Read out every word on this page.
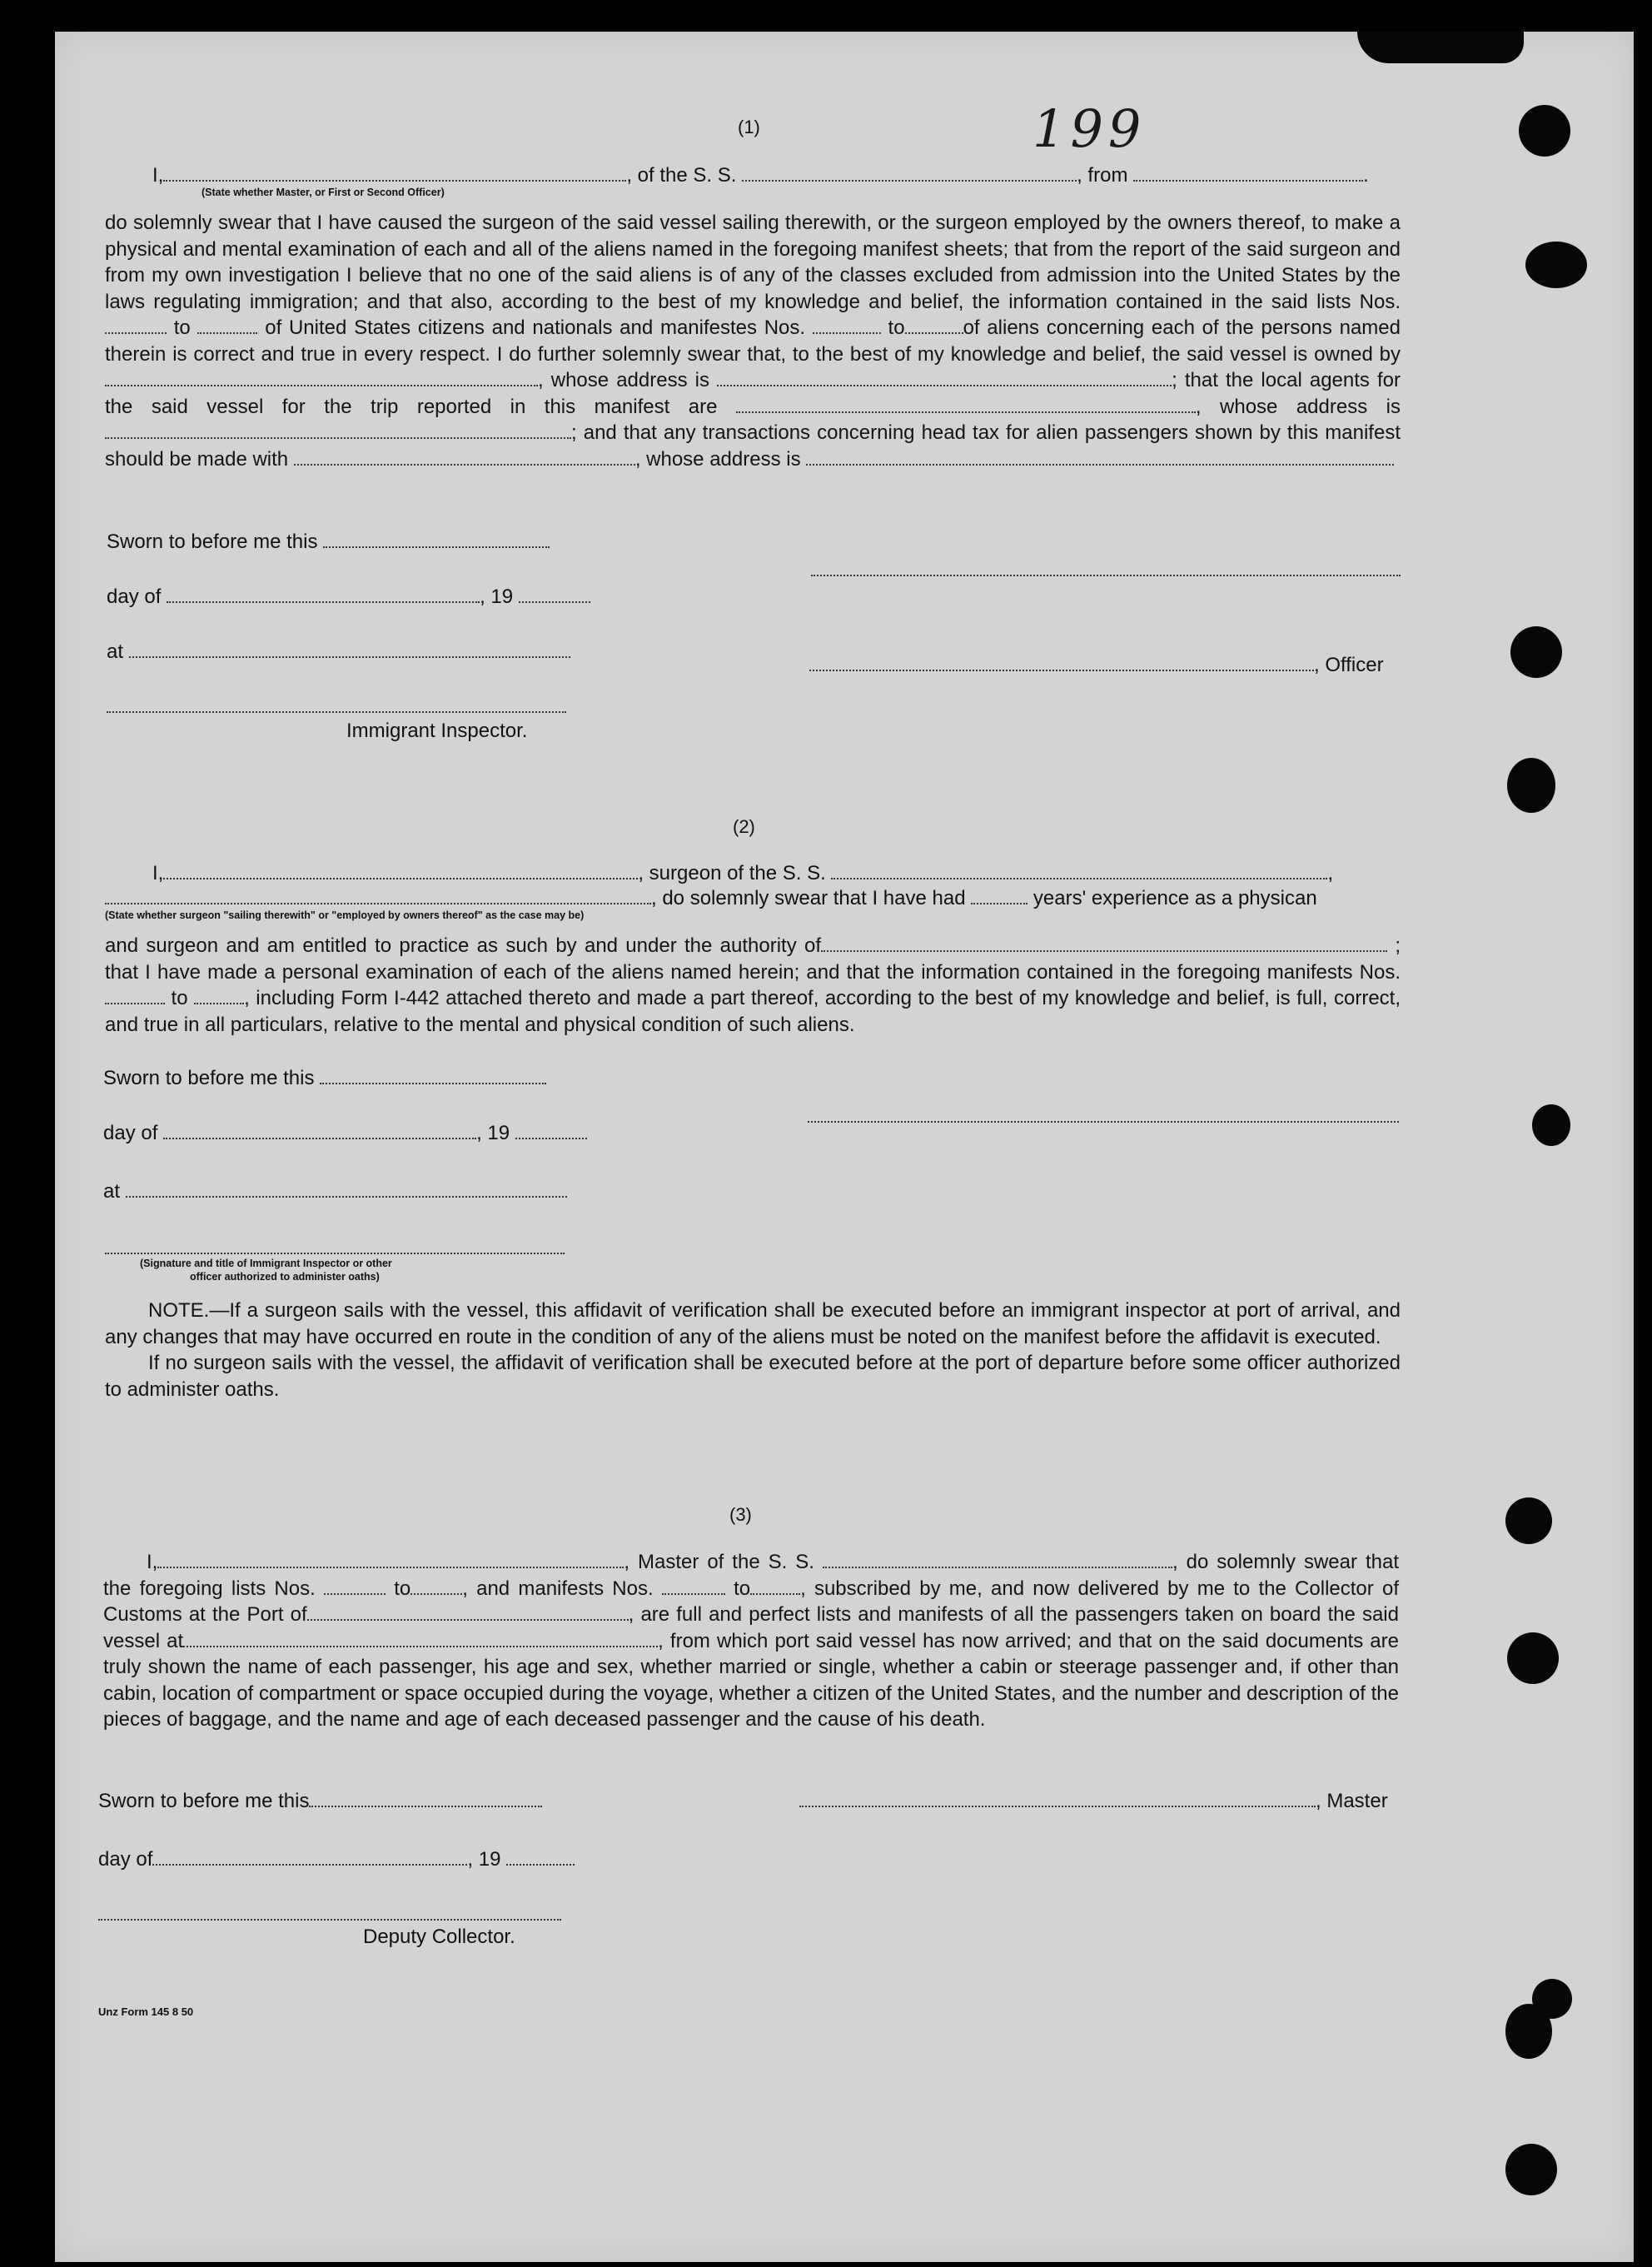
199
(1)
I,	, of the S. S.	, from	.
(State whether Master, or First or Second Officer)

do solemnly swear that I have caused the surgeon of the said vessel sailing therewith, or the surgeon employed by the owners thereof, to make a physical and mental examination of each and all of the aliens named in the foregoing manifest sheets; that from the report of the said surgeon and from my own investigation I believe that no one of the said aliens is of any of the classes excluded from admission into the United States by the laws regulating immigration; and that also, according to the best of my knowledge and belief, the information contained in the said lists Nos.  to	of United States citizens and nationals and manifestes Nos.	to	of aliens concerning each of the persons named therein is correct and true in every respect. I do further solemnly swear that, to the best of my knowledge and belief, the said vessel is owned by , whose address is	; that the local agents for the said vessel for the trip reported in this manifest are	, whose address is ; and that any transactions concerning head tax for alien passengers shown by this manifest should be made with	, whose address is

Sworn to before me this
day of	, 19
at
, Officer
Immigrant Inspector.
(2)
I,	, surgeon of the S. S.	,
, do solemnly swear that I have had	years' experience as a physican
(State whether surgeon "sailing therewith" or "employed by owners thereof" as the case may be)

and surgeon and am entitled to practice as such by and under the authority of	; that I have made a personal examination of each of the aliens named herein; and that the information contained in the foregoing manifests Nos.  to	, including Form I-442 attached thereto and made a part thereof, according to the best of my knowledge and belief, is full, correct, and true in all particulars, relative to the mental and physical condition of such aliens.

Sworn to before me this
day of	, 19
at
(Signature and title of Immigrant Inspector or other
officer authorized to administer oaths)

NOTE.—If a surgeon sails with the vessel, this affidavit of verification shall be executed before an immigrant inspector at port of arrival, and any changes that may have occurred en route in the condition of any of the aliens must be noted on the manifest before the affidavit is executed.

If no surgeon sails with the vessel, the affidavit of verification shall be executed before at the port of departure before some officer authorized to administer oaths.

(3)

I,	, Master of the S. S.	, do solemnly swear that the foregoing lists Nos.	to	, and manifests Nos.	to	, subscribed by me, and now delivered by me to the Collector of Customs at the Port of	, are full and perfect lists and manifests of all the passengers taken on board the said vessel at	, from which port said vessel has now arrived; and that on the said documents are truly shown the name of each passenger, his age and sex, whether married or single, whether a cabin or steerage passenger and, if other than cabin, location of compartment or space occupied during the voyage, whether a citizen of the United States, and the number and description of the pieces of baggage, and the name and age of each deceased passenger and the cause of his death.

Sworn to before me this	, Master
day of	, 19
Deputy Collector.
Unz Form 145 8 50
